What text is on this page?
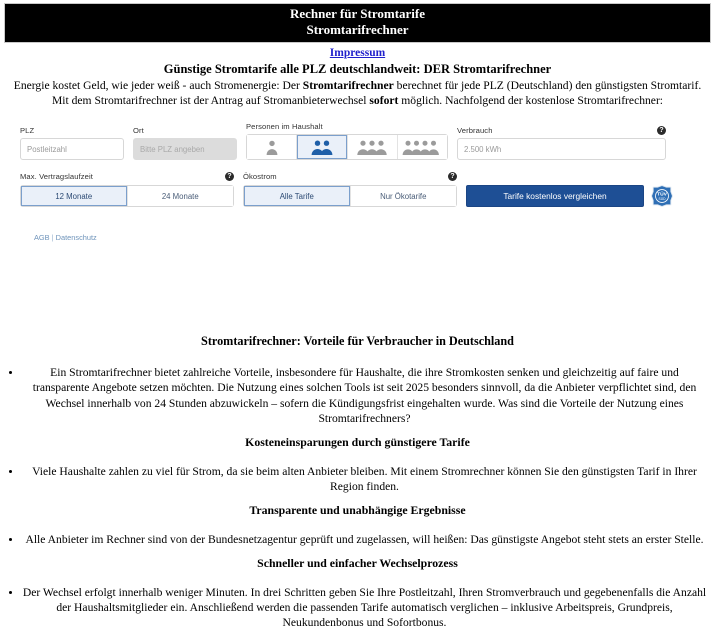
Rechner für Stromtarife
Stromtarifrechner
Impressum
Günstige Stromtarife alle PLZ deutschlandweit: DER Stromtarifrechner
Energie kostet Geld, wie jeder weiß - auch Stromenergie: Der Stromtarifrechner berechnet für jede PLZ (Deutschland) den günstigsten Stromtarif. Mit dem Stromtarifrechner ist der Antrag auf Stromanbieterwechsel sofort möglich. Nachfolgend der kostenlose Stromtarifrechner:
PLZ
Postleitzahl	Ort
Bitte PLZ angeben	Personen im Haushalt	Verbrauch	?
2.500 kWh
Max. Vertragslaufzeit	?
12 Monate	24 Monate
Ökostrom	?
Alle Tarife	Nur Ökotarife	Tarife kostenlos vergleichen	TÜV
SÜD
AGB | Datenschutz
Stromtarifrechner: Vorteile für Verbraucher in Deutschland

• Ein Stromtarifrechner bietet zahlreiche Vorteile, insbesondere für Haushalte, die ihre Stromkosten senken und gleichzeitig auf faire und transparente Angebote setzen möchten. Die Nutzung eines solchen Tools ist seit 2025 besonders sinnvoll, da die Anbieter verpflichtet sind, den Wechsel innerhalb von 24 Stunden abzuwickeln – sofern die Kündigungsfrist eingehalten wurde. Was sind die Vorteile der Nutzung eines Stromtarifrechners?

Kosteneinsparungen durch günstigere Tarife

• Viele Haushalte zahlen zu viel für Strom, da sie beim alten Anbieter bleiben. Mit einem Stromrechner können Sie den günstigsten Tarif in Ihrer Region finden.

Transparente und unabhängige Ergebnisse

• Alle Anbieter im Rechner sind von der Bundesnetzagentur geprüft und zugelassen, will heißen: Das günstigste Angebot steht stets an erster Stelle.

Schneller und einfacher Wechselprozess

• Der Wechsel erfolgt innerhalb weniger Minuten. In drei Schritten geben Sie Ihre Postleitzahl, Ihren Stromverbrauch und gegebenenfalls die Anzahl der Haushaltsmitglieder ein. Anschließend werden die passenden Tarife automatisch verglichen – inklusive Arbeitspreis, Grundpreis, Neukundenbonus und Sofortbonus.
